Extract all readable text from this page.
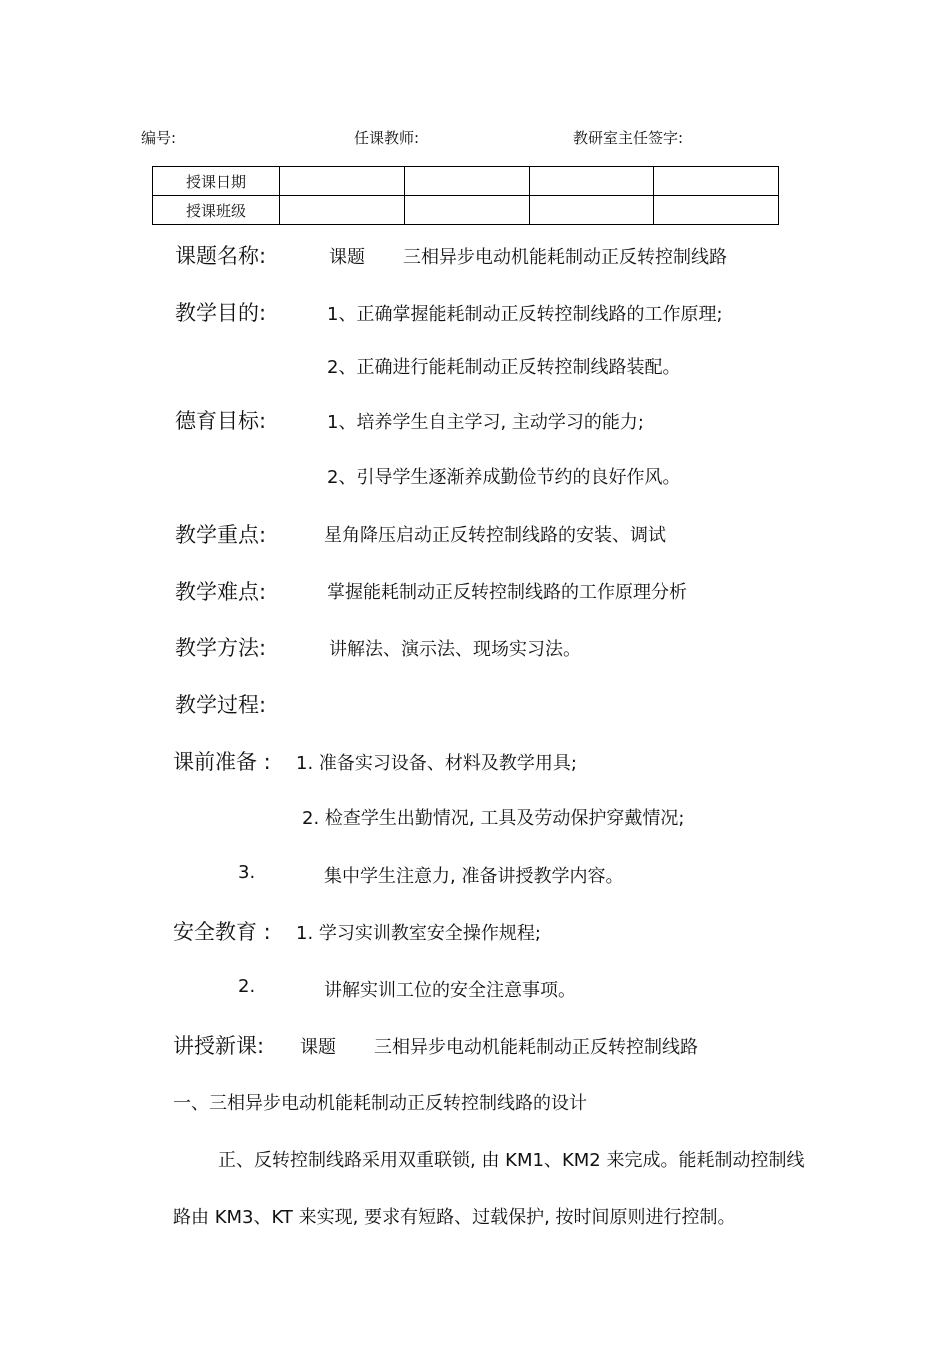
编号:	任课教师:	教研室主任签字:
授课日期				
授课班级				
课题名称:	课题 三相异步电动机能耗制动正反转控制线路
教学目的:	1、正确掌握能耗制动正反转控制线路的工作原理;
2、正确进行能耗制动正反转控制线路装配。
德育目标:	1、培养学生自主学习, 主动学习的能力;
2、引导学生逐渐养成勤俭节约的良好作风。
教学重点:	星角降压启动正反转控制线路的安装、调试
教学难点:	掌握能耗制动正反转控制线路的工作原理分析
教学方法:	讲解法、演示法、现场实习法。
教学过程:
课前准备 : 1. 准备实习设备、材料及教学用具;
2. 检查学生出勤情况, 工具及劳动保护穿戴情况;
3.	集中学生注意力, 准备讲授教学内容。
安全教育 : 1. 学习实训教室安全操作规程;
2.	讲解实训工位的安全注意事项。
讲授新课: 课题 三相异步电动机能耗制动正反转控制线路
一、三相异步电动机能耗制动正反转控制线路的设计
正、反转控制线路采用双重联锁, 由 KM1、KM2 来完成。能耗制动控制线
路由 KM3、KT 来实现, 要求有短路、过载保护, 按时间原则进行控制。
